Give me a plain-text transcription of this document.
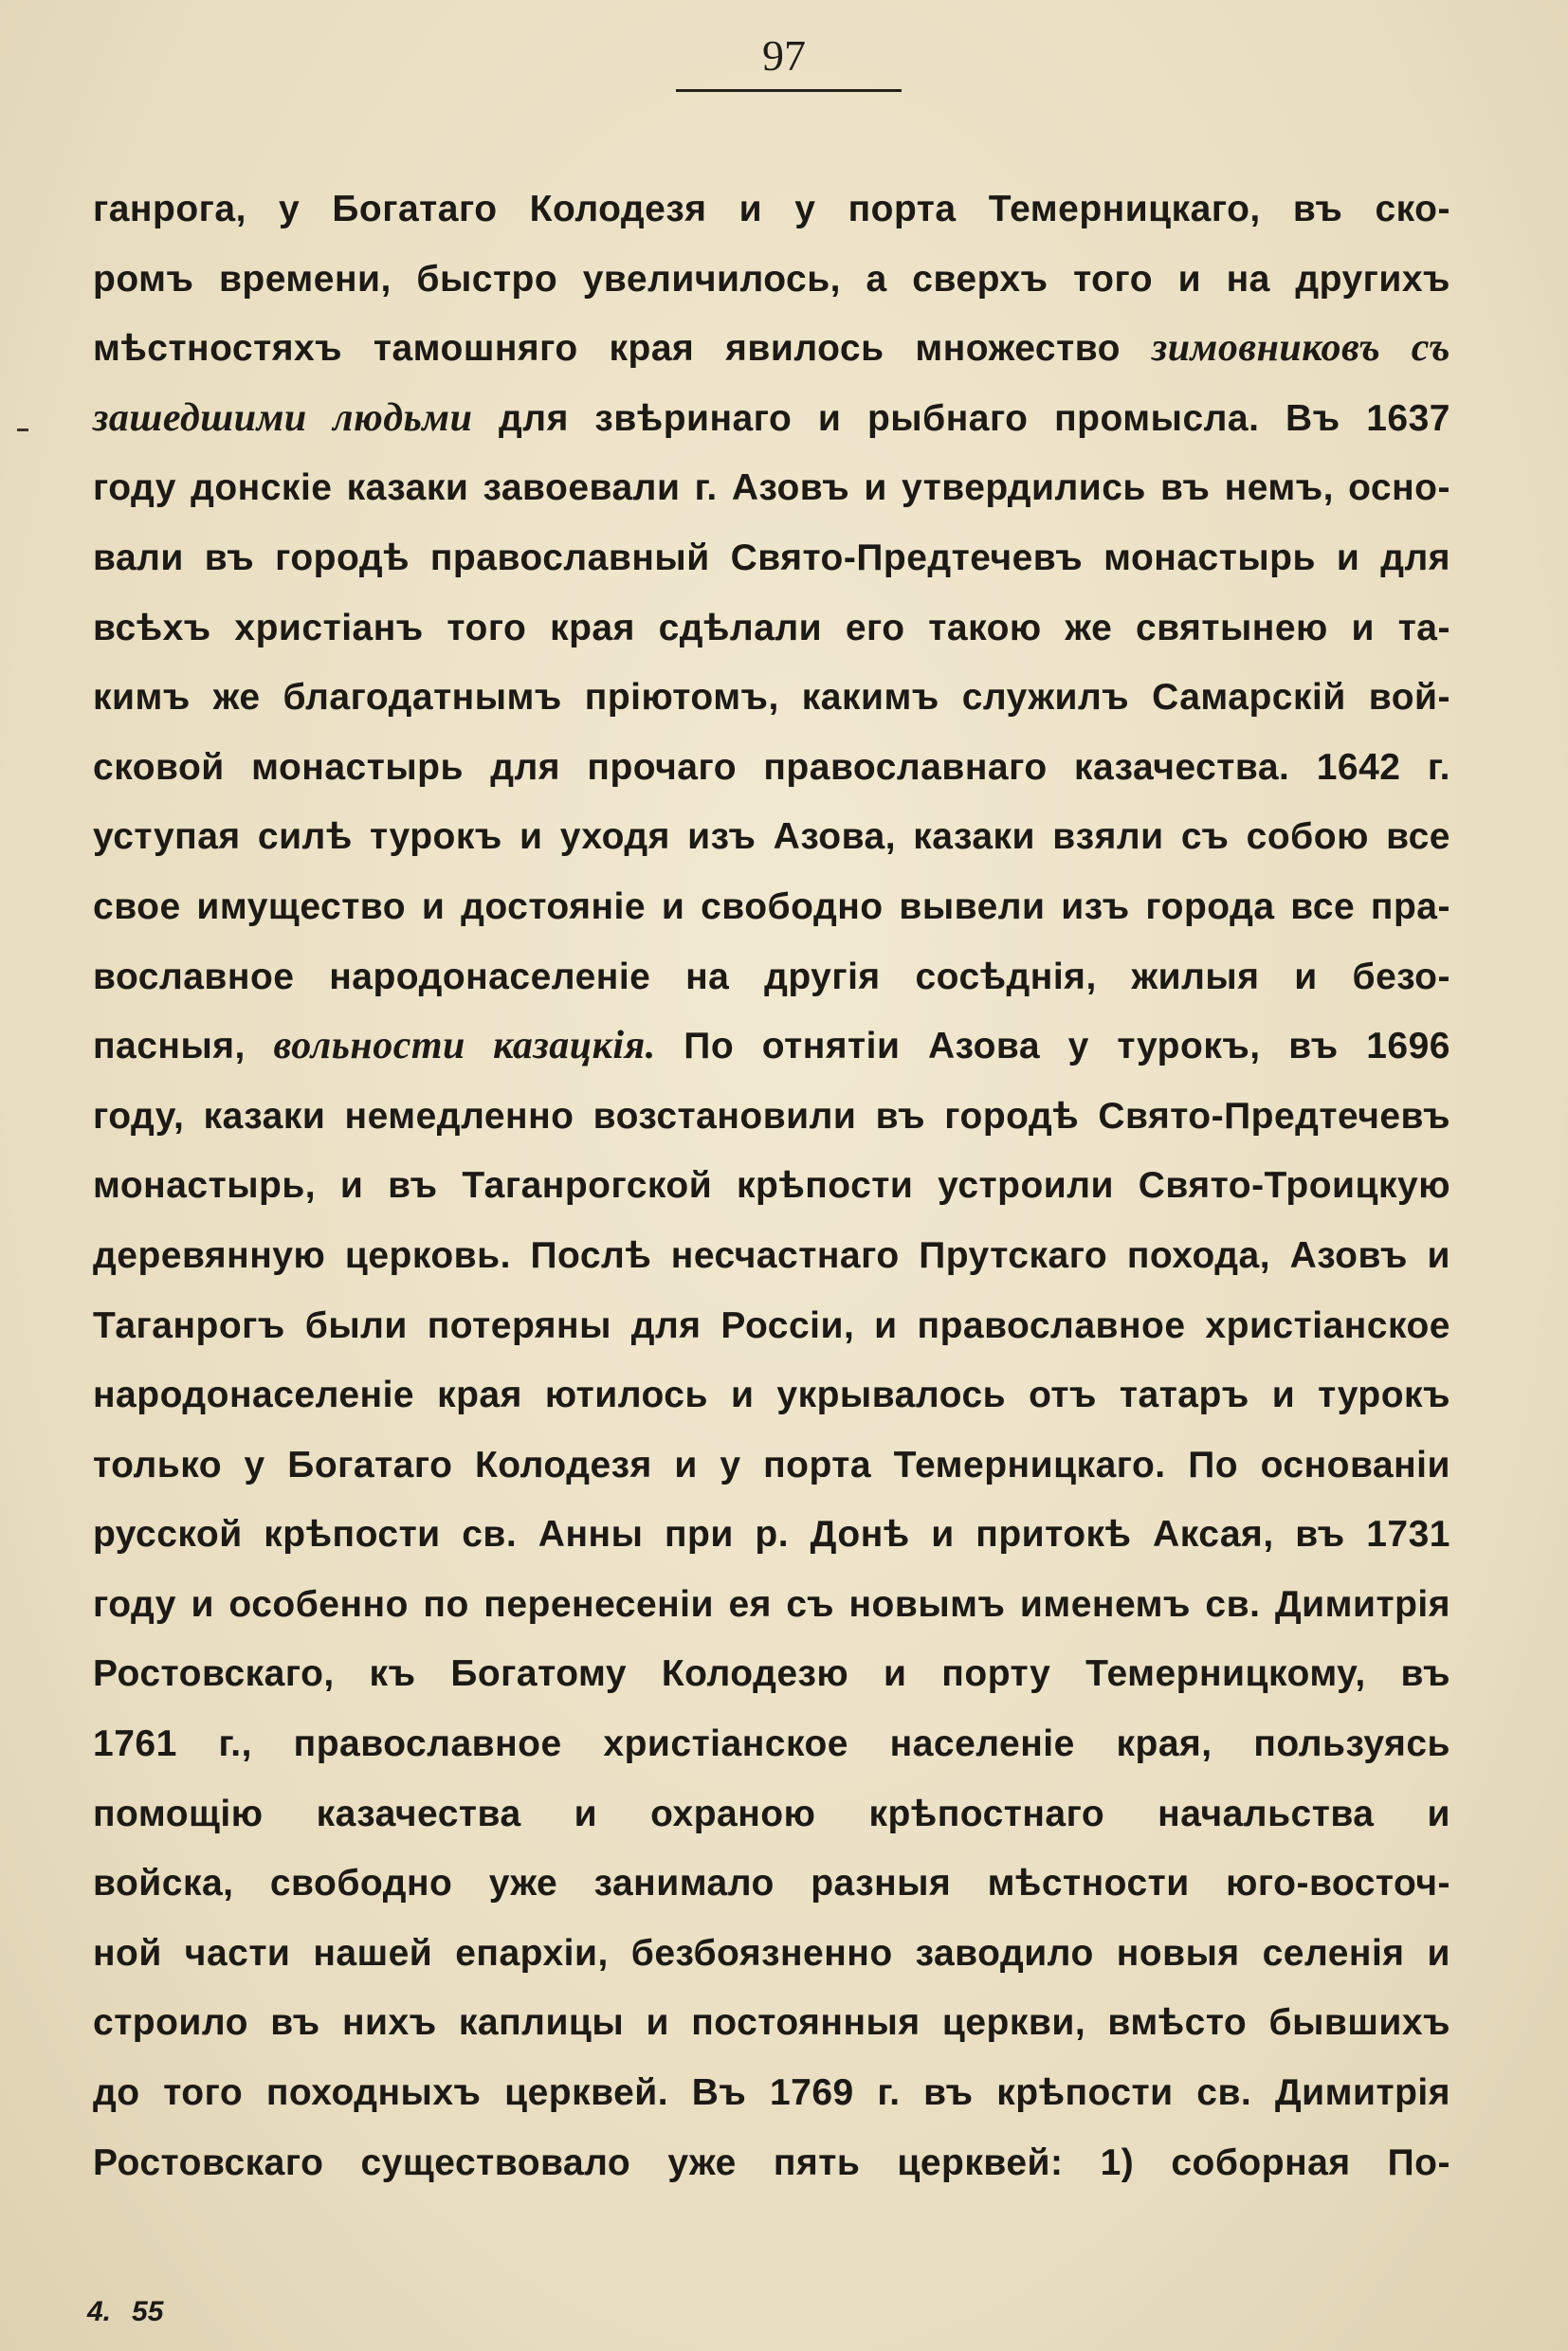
97
ганрога, у Богатаго Колодезя и у порта Темерницкаго, въ ско-
ромъ времени, быстро увеличилось, а сверхъ того и на другихъ
мѣстностяхъ тамошняго края явилось множество зимовниковъ съ
зашедшими людьми для звѣринаго и рыбнаго промысла. Въ 1637
году донскіе казаки завоевали г. Азовъ и утвердились въ немъ, осно-
вали въ городѣ православный Свято-Предтечевъ монастырь и для
всѣхъ христіанъ того края сдѣлали его такою же святынею и та-
кимъ же благодатнымъ пріютомъ, какимъ служилъ Самарскій вой-
сковой монастырь для прочаго православнаго казачества. 1642 г.
уступая силѣ турокъ и уходя изъ Азова, казаки взяли съ собою все
свое имущество и достояніе и свободно вывели изъ города все пра-
вославное народонаселеніе на другія сосѣднія, жилыя и безо-
пасныя, вольности казацкія. По отнятіи Азова у турокъ, въ 1696
году, казаки немедленно возстановили въ городѣ Свято-Предтечевъ
монастырь, и въ Таганрогской крѣпости устроили Свято-Троицкую
деревянную церковь. Послѣ несчастнаго Прутскаго похода, Азовъ и
Таганрогъ были потеряны для Россіи, и православное христіанское
народонаселеніе края ютилось и укрывалось отъ татаръ и турокъ
только у Богатаго Колодезя и у порта Темерницкаго. По основаніи
русской крѣпости св. Анны при р. Донѣ и притокѣ Аксая, въ 1731
году и особенно по перенесеніи ея съ новымъ именемъ св. Димитрія
Ростовскаго, къ Богатому Колодезю и порту Темерницкому, въ
1761 г., православное христіанское населеніе края, пользуясь
помощію казачества и охраною крѣпостнаго начальства и
войска, свободно уже занимало разныя мѣстности юго-восточ-
ной части нашей епархіи, безбоязненно заводило новыя селенія и
строило въ нихъ каплицы и постоянныя церкви, вмѣсто бывшихъ
до того походныхъ церквей. Въ 1769 г. въ крѣпости св. Димитрія
Ростовскаго существовало уже пять церквей: 1) соборная По-
4. 55
